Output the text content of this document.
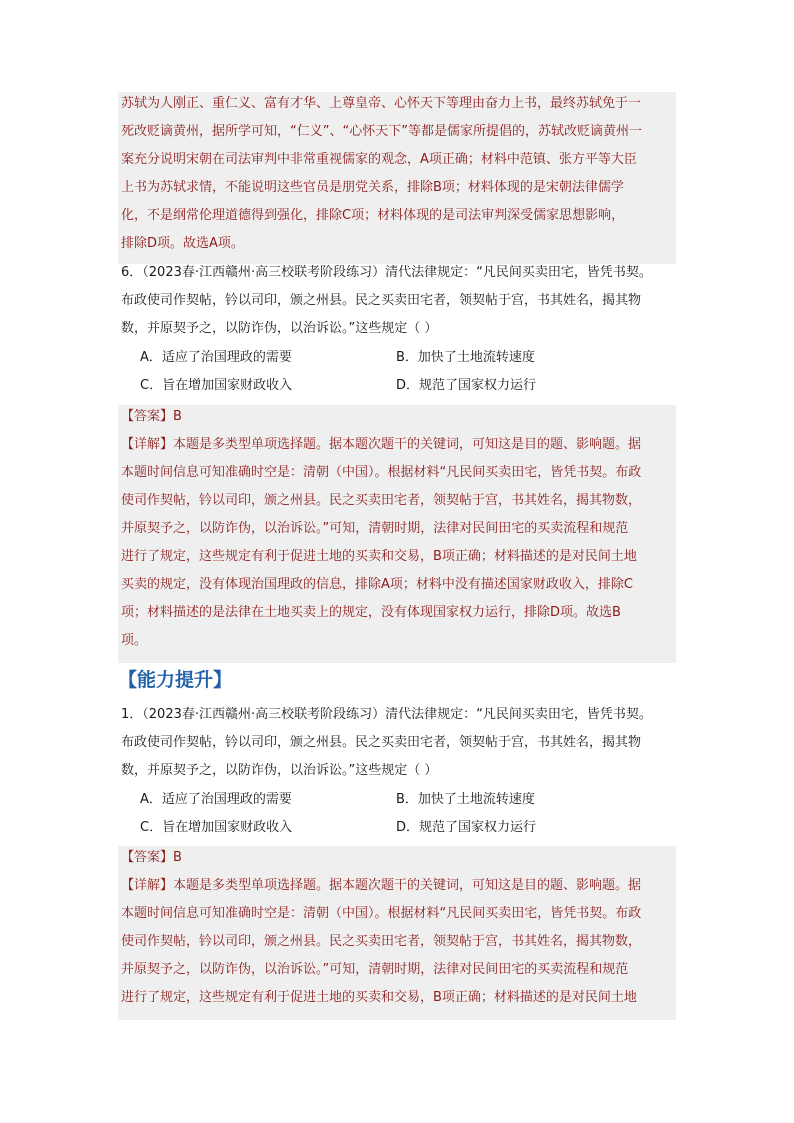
苏轼为人刚正、重仁义、富有才华、上尊皇帝、心怀天下等理由奋力上书，最终苏轼免于一
死改贬谪黄州，据所学可知，“仁义”、“心怀天下”等都是儒家所提倡的，苏轼改贬谪黄州一
案充分说明宋朝在司法审判中非常重视儒家的观念，A项正确；材料中范镇、张方平等大臣
上书为苏轼求情，不能说明这些官员是朋党关系，排除B项；材料体现的是宋朝法律儒学
化，不是纲常伦理道德得到强化，排除C项；材料体现的是司法审判深受儒家思想影响，
排除D项。故选A项。
6．（2023春·江西赣州·高三校联考阶段练习）清代法律规定：“凡民间买卖田宅，皆凭书契。
布政使司作契帖，钤以司印，颁之州县。民之买卖田宅者，领契帖于宫，书其姓名，揭其物
数，并原契予之，以防诈伪，以治诉讼。”这些规定（ ）
A．适应了治国理政的需要	B．加快了土地流转速度
C．旨在增加国家财政收入	D．规范了国家权力运行
【答案】B
【详解】本题是多类型单项选择题。据本题次题干的关键词，可知这是目的题、影响题。据
本题时间信息可知准确时空是：清朝（中国）。根据材料“凡民间买卖田宅，皆凭书契。布政
使司作契帖，钤以司印，颁之州县。民之买卖田宅者，领契帖于宫，书其姓名，揭其物数，
并原契予之，以防诈伪，以治诉讼。”可知，清朝时期，法律对民间田宅的买卖流程和规范
进行了规定，这些规定有利于促进土地的买卖和交易，B项正确；材料描述的是对民间土地
买卖的规定，没有体现治国理政的信息，排除A项；材料中没有描述国家财政收入，排除C
项；材料描述的是法律在土地买卖上的规定，没有体现国家权力运行，排除D项。故选B
项。
【能力提升】
1．（2023春·江西赣州·高三校联考阶段练习）清代法律规定：“凡民间买卖田宅，皆凭书契。
布政使司作契帖，钤以司印，颁之州县。民之买卖田宅者，领契帖于宫，书其姓名，揭其物
数，并原契予之，以防诈伪，以治诉讼。”这些规定（ ）
A．适应了治国理政的需要	B．加快了土地流转速度
C．旨在增加国家财政收入	D．规范了国家权力运行
【答案】B
【详解】本题是多类型单项选择题。据本题次题干的关键词，可知这是目的题、影响题。据
本题时间信息可知准确时空是：清朝（中国）。根据材料“凡民间买卖田宅，皆凭书契。布政
使司作契帖，钤以司印，颁之州县。民之买卖田宅者，领契帖于宫，书其姓名，揭其物数，
并原契予之，以防诈伪，以治诉讼。”可知，清朝时期，法律对民间田宅的买卖流程和规范
进行了规定，这些规定有利于促进土地的买卖和交易，B项正确；材料描述的是对民间土地
